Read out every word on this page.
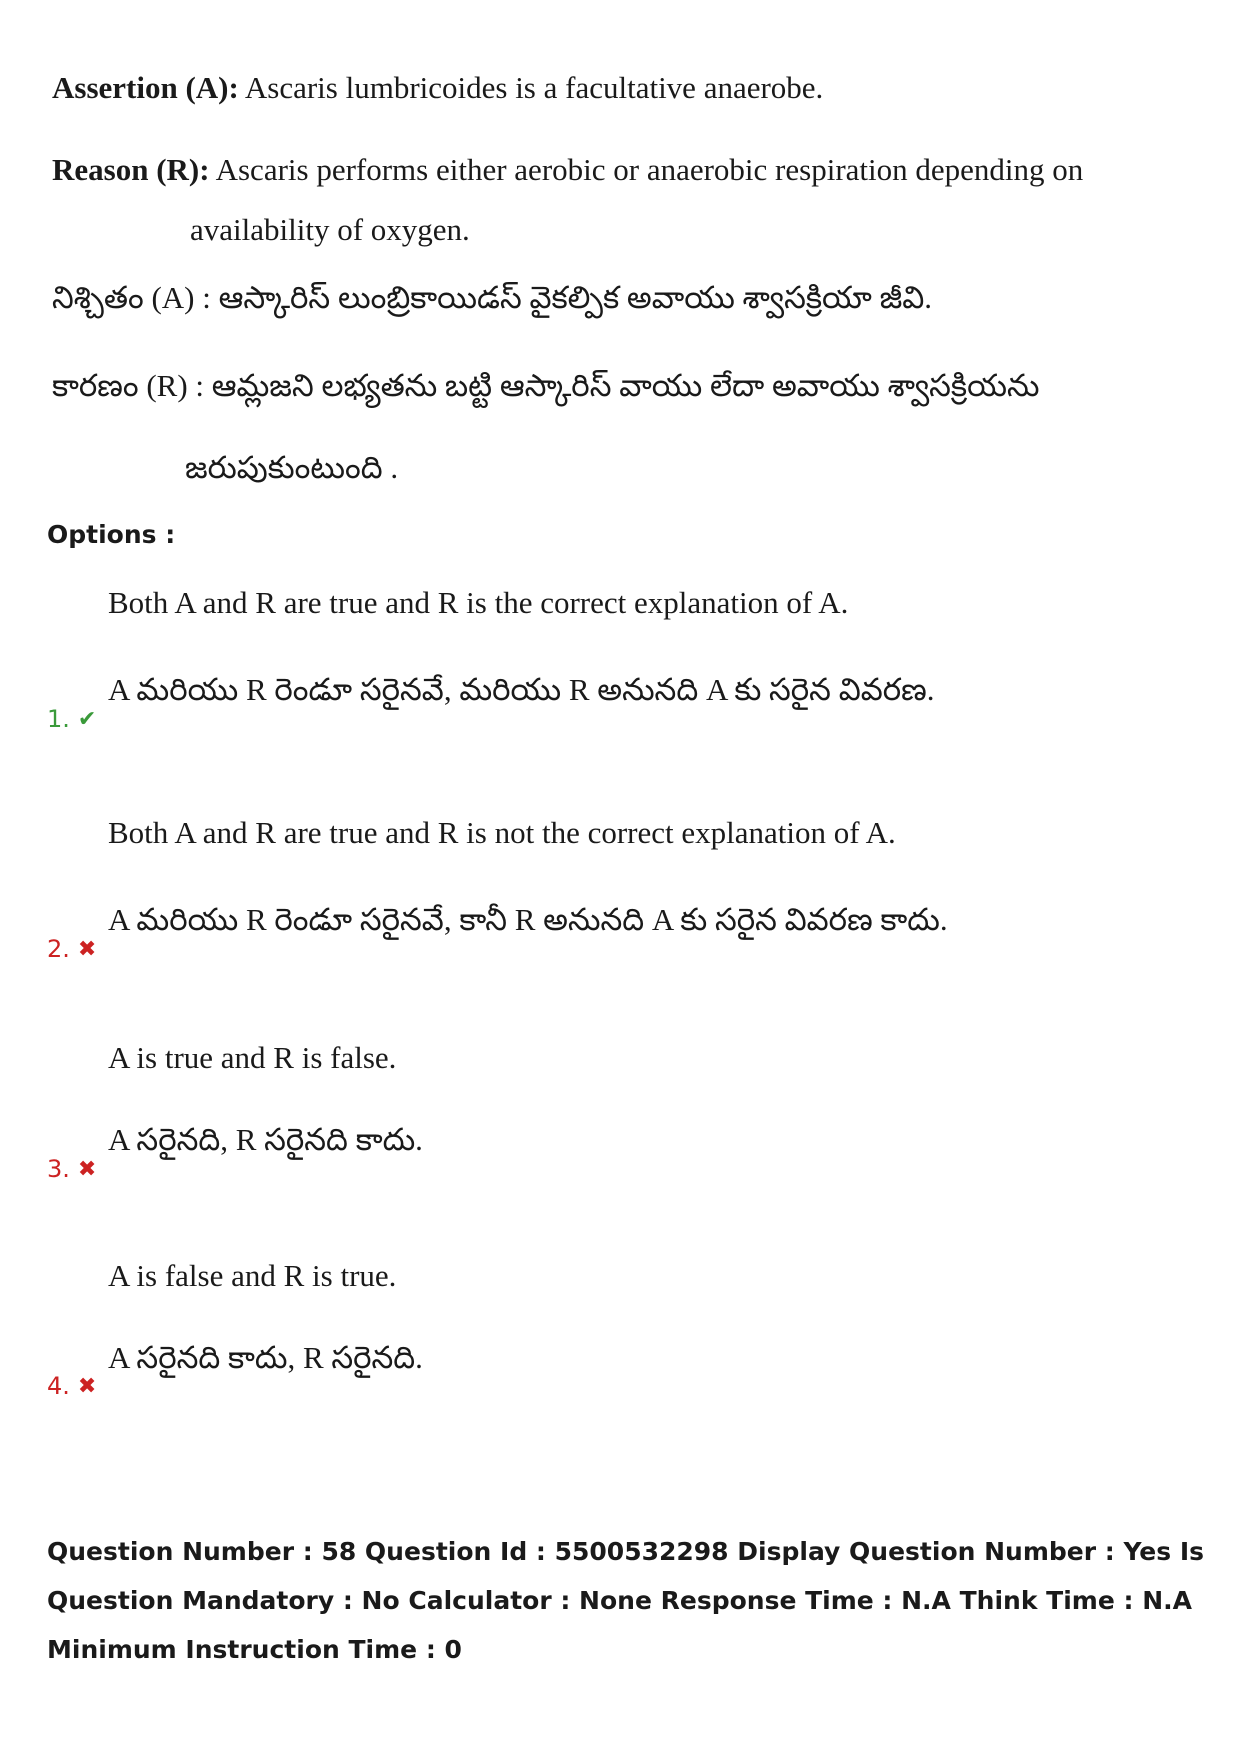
Assertion (A): Ascaris lumbricoides is a facultative anaerobe.
Reason (R): Ascaris performs either aerobic or anaerobic respiration depending on
availability of oxygen.
నిశ్చితం (A) : ఆస్కారిస్ లుంబ్రికాయిడస్ వైకల్పిక అవాయు శ్వాసక్రియా జీవి.
కారణం (R) : ఆమ్లజని లభ్యతను బట్టి ఆస్కారిస్ వాయు లేదా అవాయు శ్వాసక్రియను
జరుపుకుంటుంది .
Options :
Both A and R are true and R is the correct explanation of A.
A మరియు R రెండూ సరైనవే, మరియు R అనునది A కు సరైన వివరణ.
1. ✔
Both A and R are true and R is not the correct explanation of A.
A మరియు R రెండూ సరైనవే, కానీ R అనునది A కు సరైన వివరణ కాదు.
2. ✖
A is true and R is false.
A సరైనది, R సరైనది కాదు.
3. ✖
A is false and R is true.
A సరైనది కాదు, R సరైనది.
4. ✖
Question Number : 58 Question Id : 5500532298 Display Question Number : Yes Is Question Mandatory : No Calculator : None Response Time : N.A Think Time : N.A Minimum Instruction Time : 0
